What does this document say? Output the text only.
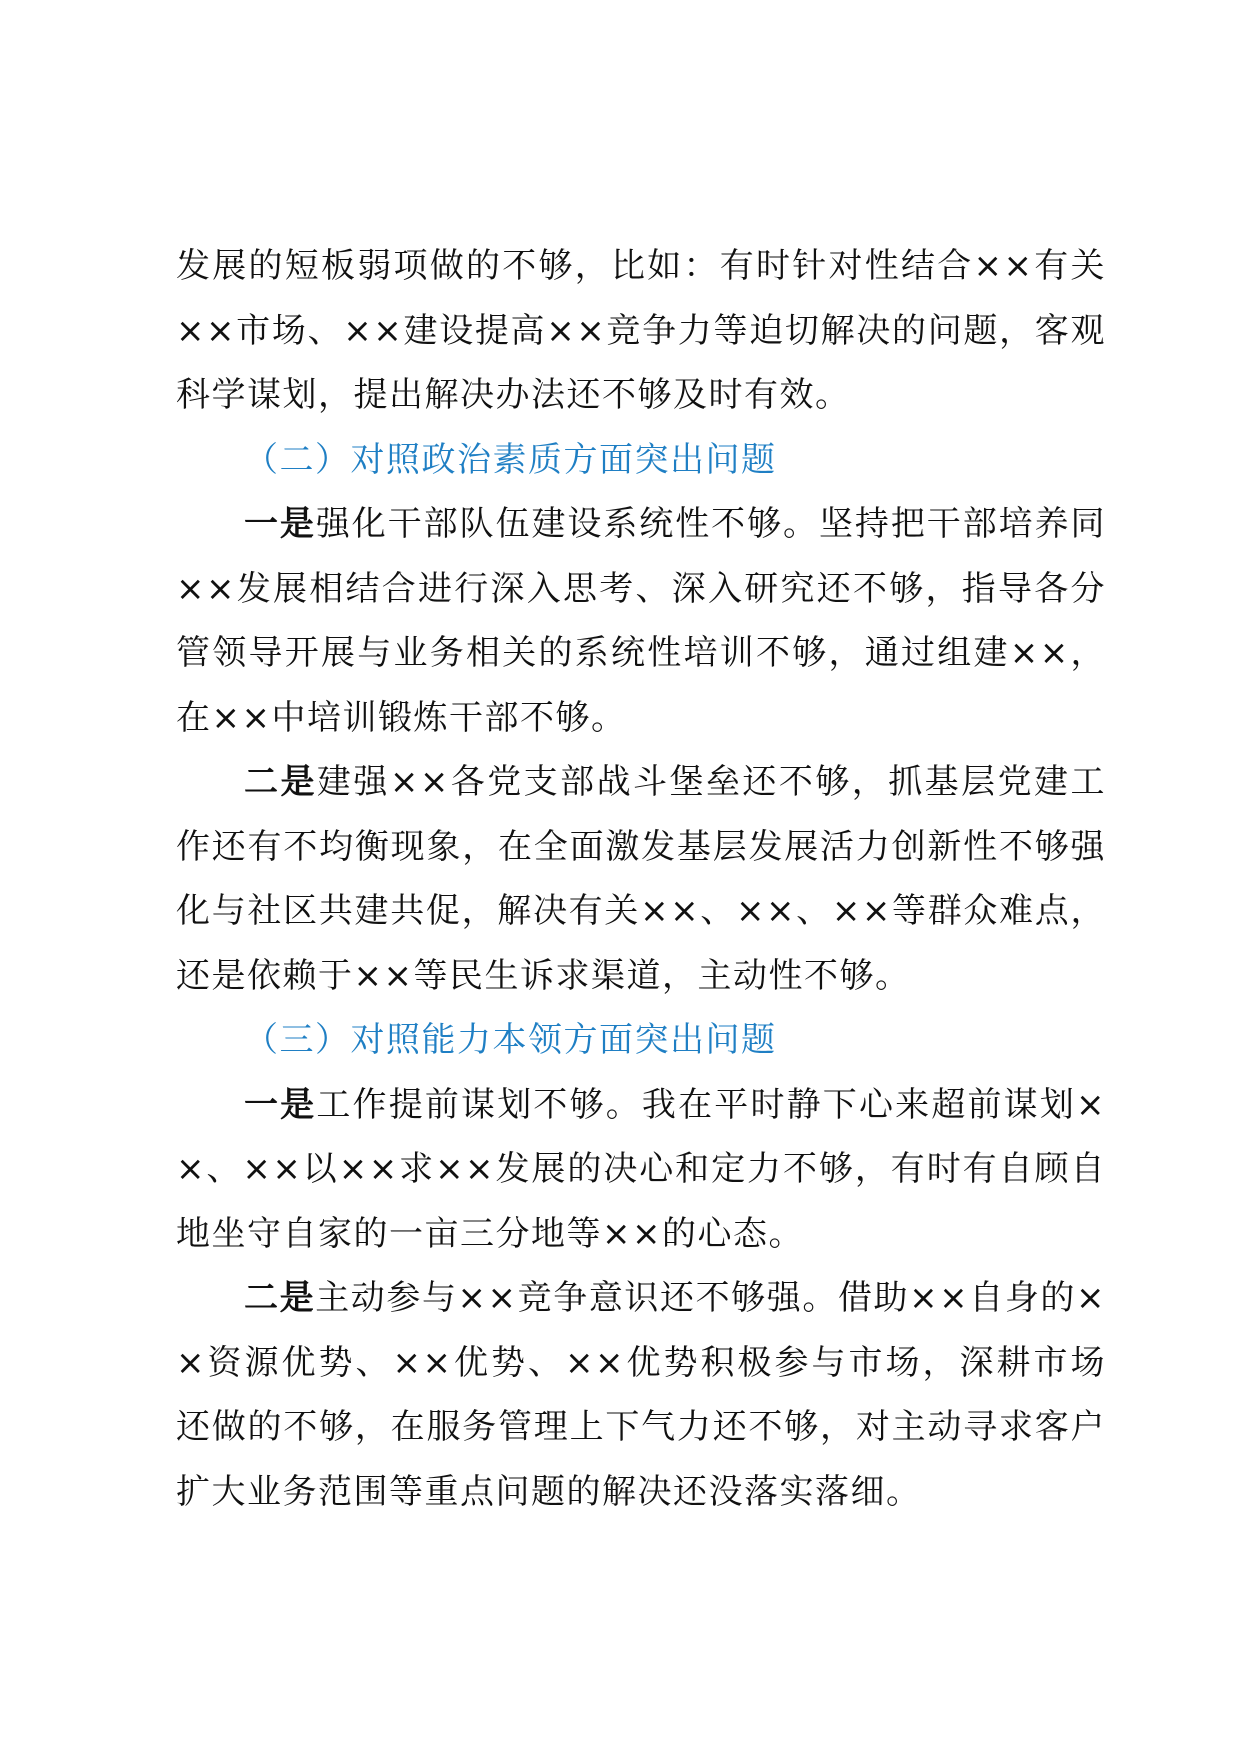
发展的短板弱项做的不够，比如：有时针对性结合××有关××市场、××建设提高××竞争力等迫切解决的问题，客观科学谋划，提出解决办法还不够及时有效。

（二）对照政治素质方面突出问题

一是强化干部队伍建设系统性不够。坚持把干部培养同××发展相结合进行深入思考、深入研究还不够，指导各分管领导开展与业务相关的系统性培训不够，通过组建××，在××中培训锻炼干部不够。

二是建强××各党支部战斗堡垒还不够，抓基层党建工作还有不均衡现象，在全面激发基层发展活力创新性不够强化与社区共建共促，解决有关××、××、××等群众难点，还是依赖于××等民生诉求渠道，主动性不够。

（三）对照能力本领方面突出问题

一是工作提前谋划不够。我在平时静下心来超前谋划××、××以××求××发展的决心和定力不够，有时有自顾自地坐守自家的一亩三分地等××的心态。

二是主动参与××竞争意识还不够强。借助××自身的××资源优势、××优势、××优势积极参与市场，深耕市场还做的不够，在服务管理上下气力还不够，对主动寻求客户扩大业务范围等重点问题的解决还没落实落细。
